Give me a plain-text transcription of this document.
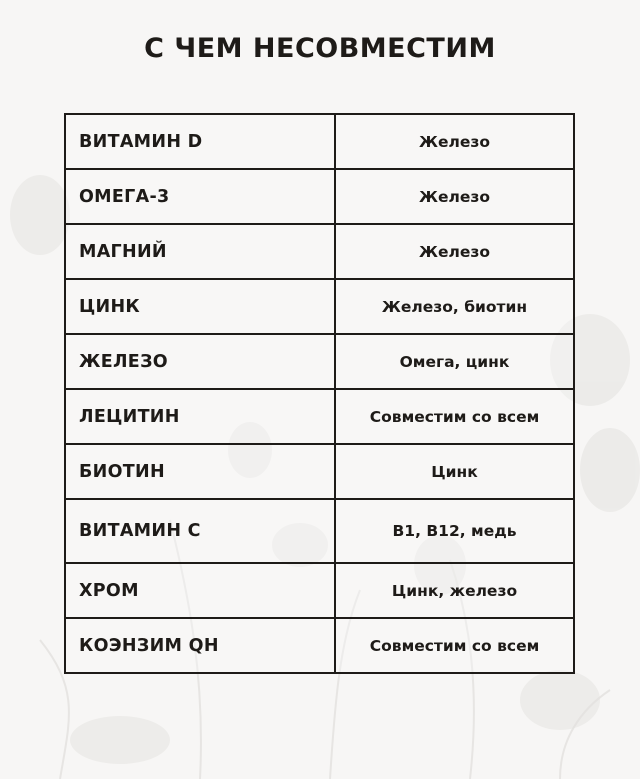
С ЧЕМ НЕСОВМЕСТИМ
ВИТАМИН D	Железо
ОМЕГА-3	Железо
МАГНИЙ	Железо
ЦИНК	Железо, биотин
ЖЕЛЕЗО	Омега, цинк
ЛЕЦИТИН	Совместим со всем
БИОТИН	Цинк
ВИТАМИН С	B1, B12, медь
ХРОМ	Цинк, железо
КОЭНЗИМ QH	Совместим со всем
